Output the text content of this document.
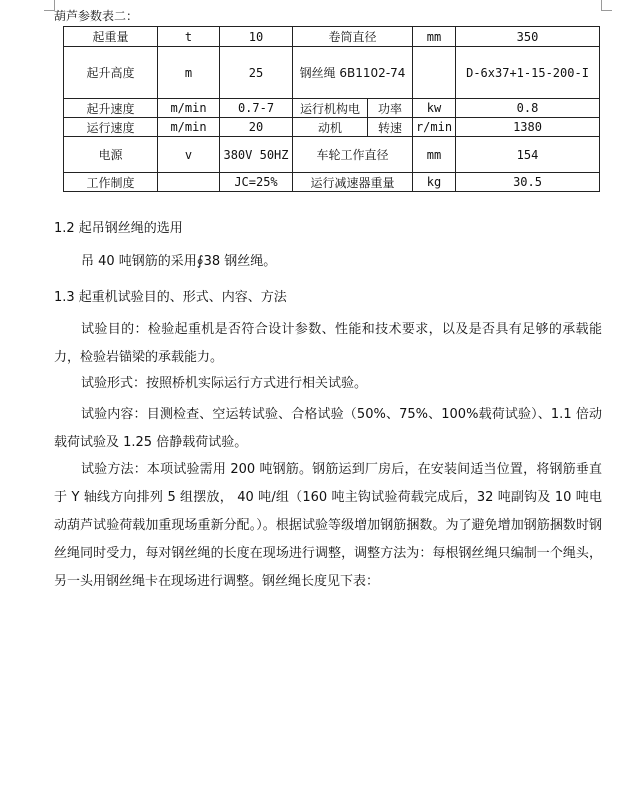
葫芦参数表二：
起重量	t	10	卷筒直径		mm	350
起升高度	m	25	钢丝绳 6B1102-74			D-6x37+1-15-200-I
起升速度	m/min	0.7-7	运行机构电	功率	kw	0.8
运行速度	m/min	20	动机	转速	r/min	1380
电源	v	380V 50HZ	车轮工作直径		mm	154
工作制度		JC=25%	运行减速器重量		kg	30.5

1.2 起吊钢丝绳的选用

吊 40 吨钢筋的采用∮38 钢丝绳。

1.3 起重机试验目的、形式、内容、方法

试验目的：检验起重机是否符合设计参数、性能和技术要求，以及是否具有足够的承载能力，检验岩锚梁的承载能力。

试验形式：按照桥机实际运行方式进行相关试验。

试验内容：目测检查、空运转试验、合格试验（50%、75%、100%载荷试验）、1.1 倍动载荷试验及 1.25 倍静载荷试验。

试验方法：本项试验需用 200 吨钢筋。钢筋运到厂房后，在安装间适当位置，将钢筋垂直于 Y 轴线方向排列 5 组摆放， 40 吨/组（160 吨主钩试验荷载完成后，32 吨副钩及 10 吨电动葫芦试验荷载加重现场重新分配。）。根据试验等级增加钢筋捆数。为了避免增加钢筋捆数时钢丝绳同时受力，每对钢丝绳的长度在现场进行调整，调整方法为：每根钢丝绳只编制一个绳头，另一头用钢丝绳卡在现场进行调整。钢丝绳长度见下表：
